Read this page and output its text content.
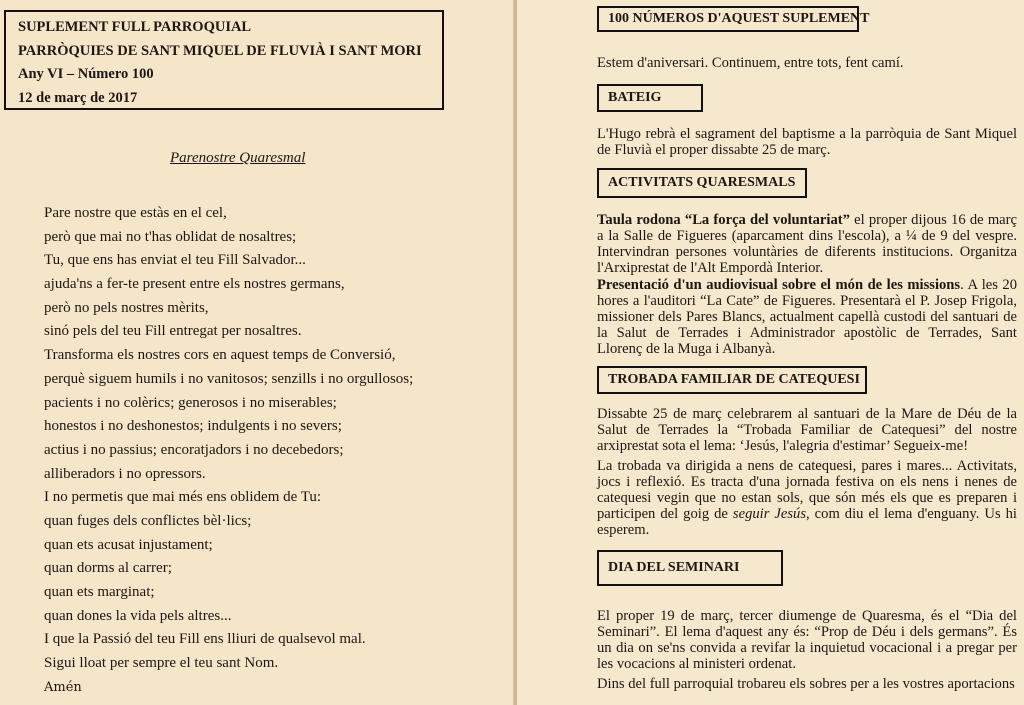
SUPLEMENT FULL PARROQUIAL
PARRÒQUIES DE SANT MIQUEL DE FLUVIÀ I SANT MORI
Any VI – Número 100
12 de març de 2017
Parenostre Quaresmal
Pare nostre que estàs en el cel,
però que mai no t'has oblidat de nosaltres;
Tu, que ens has enviat el teu Fill Salvador...
ajuda'ns a fer-te present entre els nostres germans,
però no pels nostres mèrits,
sinó pels del teu Fill entregat per nosaltres.
Transforma els nostres cors en aquest temps de Conversió,
perquè siguem humils i no vanitosos; senzills i no orgullosos;
pacients i no colèrics; generosos i no miserables;
honestos i no deshonestos; indulgents i no severs;
actius i no passius; encoratjadors i no decebedors;
alliberadors i no opressors.
I no permetis que mai més ens oblidem de Tu:
quan fuges dels conflictes bèl·lics;
quan ets acusat injustament;
quan dorms al carrer;
quan ets marginat;
quan dones la vida pels altres...
I que la Passió del teu Fill ens lliuri de qualsevol mal.
Sigui lloat per sempre el teu sant Nom.
Amén
100 NÚMEROS D'AQUEST SUPLEMENT
Estem d'aniversari. Continuem, entre tots, fent camí.
BATEIG
L'Hugo rebrà el sagrament del baptisme a la parròquia de Sant Miquel de Fluvià el proper dissabte 25 de març.
ACTIVITATS QUARESMALS
Taula rodona “La força del voluntariat” el proper dijous 16 de març a la Salle de Figueres (aparcament dins l'escola), a ¼ de 9 del vespre. Intervindran persones voluntàries de diferents institucions. Organitza l'Arxiprestat de l'Alt Empordà Interior.
Presentació d'un audiovisual sobre el món de les missions. A les 20 hores a l'auditori “La Cate” de Figueres. Presentarà el P. Josep Frigola, missioner dels Pares Blancs, actualment capellà custodi del santuari de la Salut de Terrades i Administrador apostòlic de Terrades, Sant Llorenç de la Muga i Albanyà.
TROBADA FAMILIAR DE CATEQUESI
Dissabte 25 de març celebrarem al santuari de la Mare de Déu de la Salut de Terrades la “Trobada Familiar de Catequesi” del nostre arxiprestat sota el lema: ‘Jesús, l'alegria d'estimar’ Segueix-me!
La trobada va dirigida a nens de catequesi, pares i mares... Activitats, jocs i reflexió. Es tracta d'una jornada festiva on els nens i nenes de catequesi vegin que no estan sols, que són més els que es preparen i participen del goig de seguir Jesús, com diu el lema d'enguany. Us hi esperem.
DIA DEL SEMINARI
El proper 19 de març, tercer diumenge de Quaresma, és el “Dia del Seminari”. El lema d'aquest any és: “Prop de Déu i dels germans”. És un dia on se'ns convida a revifar la inquietud vocacional i a pregar per les vocacions al ministeri ordenat.
Dins del full parroquial trobareu els sobres per a les vostres aportacions
